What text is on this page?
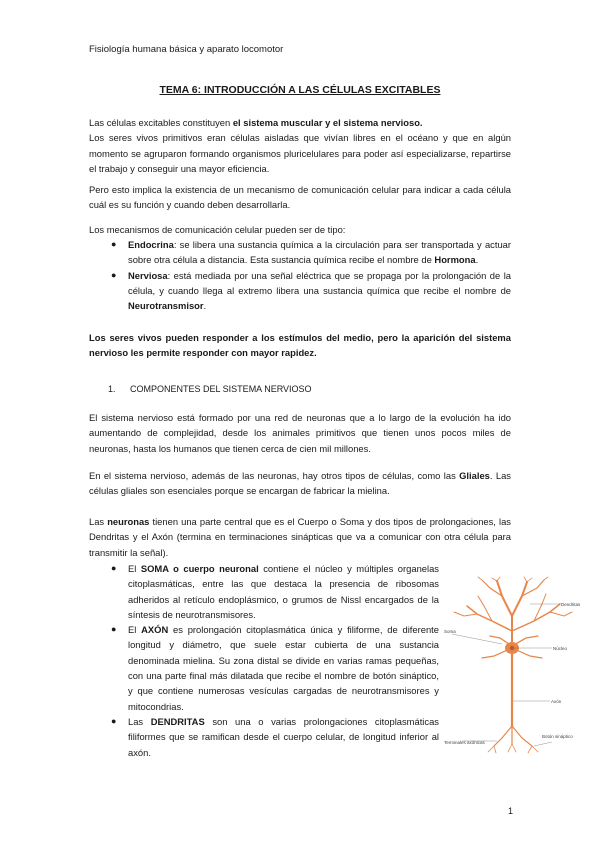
Fisiología humana básica y aparato locomotor
TEMA 6: INTRODUCCIÓN A LAS CÉLULAS EXCITABLES
Las células excitables constituyen el sistema muscular y el sistema nervioso.
Los seres vivos primitivos eran células aisladas que vivían libres en el océano y que en algún momento se agruparon formando organismos pluricelulares para poder así especializarse, repartirse el trabajo y conseguir una mayor eficiencia.
Pero esto implica la existencia de un mecanismo de comunicación celular para indicar a cada célula cuál es su función y cuando deben desarrollarla.
Los mecanismos de comunicación celular pueden ser de tipo:
● Endocrina: se libera una sustancia química a la circulación para ser transportada y actuar sobre otra célula a distancia. Esta sustancia química recibe el nombre de Hormona.
● Nerviosa: está mediada por una señal eléctrica que se propaga por la prolongación de la célula, y cuando llega al extremo libera una sustancia química que recibe el nombre de Neurotransmisor.
Los seres vivos pueden responder a los estímulos del medio, pero la aparición del sistema nervioso les permite responder con mayor rapidez.
1. COMPONENTES DEL SISTEMA NERVIOSO
El sistema nervioso está formado por una red de neuronas que a lo largo de la evolución ha ido aumentando de complejidad, desde los animales primitivos que tienen unos pocos miles de neuronas, hasta los humanos que tienen cerca de cien mil millones.
En el sistema nervioso, además de las neuronas, hay otros tipos de células, como las Gliales. Las células gliales son esenciales porque se encargan de fabricar la mielina.
Las neuronas tienen una parte central que es el Cuerpo o Soma y dos tipos de prolongaciones, las Dendritas y el Axón (termina en terminaciones sinápticas que va a comunicar con otra célula para transmitir la señal).
● El SOMA o cuerpo neuronal contiene el núcleo y múltiples organelas citoplasmáticas, entre las que destaca la presencia de ribosomas adheridos al retículo endoplásmico, o grumos de Nissl encargados de la síntesis de neurotransmisores.
● El AXÓN es prolongación citoplasmática única y filiforme, de diferente longitud y diámetro, que suele estar cubierta de una sustancia denominada mielina. Su zona distal se divide en varias ramas pequeñas, con una parte final más dilatada que recibe el nombre de botón sináptico, y que contiene numerosas vesículas cargadas de neurotransmisores y mitocondrias.
● Las DENDRITAS son una o varias prolongaciones citoplasmáticas filiformes que se ramifican desde el cuerpo celular, de longitud inferior al axón.
Dendritas
Soma
Núcleo
Axón
Terminales axónicas
Botón sináptico
1
